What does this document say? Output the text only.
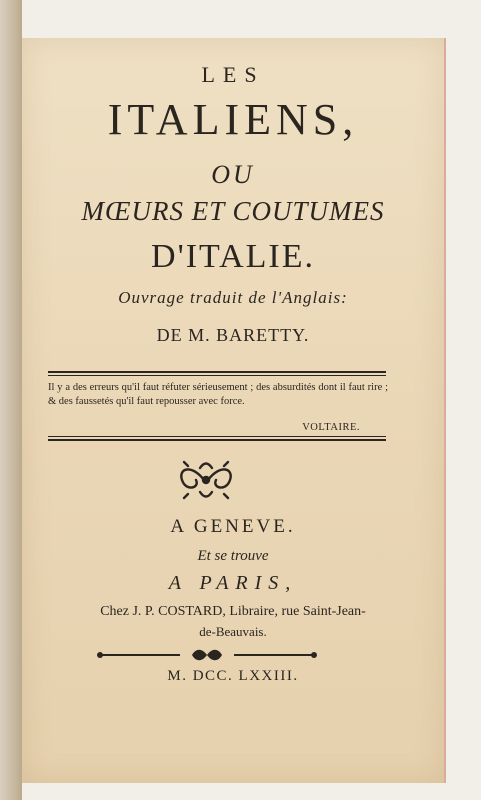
LES
ITALIENS,
OU
MŒURS ET COUTUMES
D'ITALIE.
Ouvrage traduit de l'Anglais:
DE M. BARETTY.
Il y a des erreurs qu'il faut réfuter sérieusement ; des absurdités dont il faut rire ; & des faussetés qu'il faut repousser avec force.
VOLTAIRE.
A GENEVE.
Et se trouve
A PARIS,
Chez J. P. COSTARD, Libraire, rue Saint-Jean-
de-Beauvais.
M. DCC. LXXIII.
